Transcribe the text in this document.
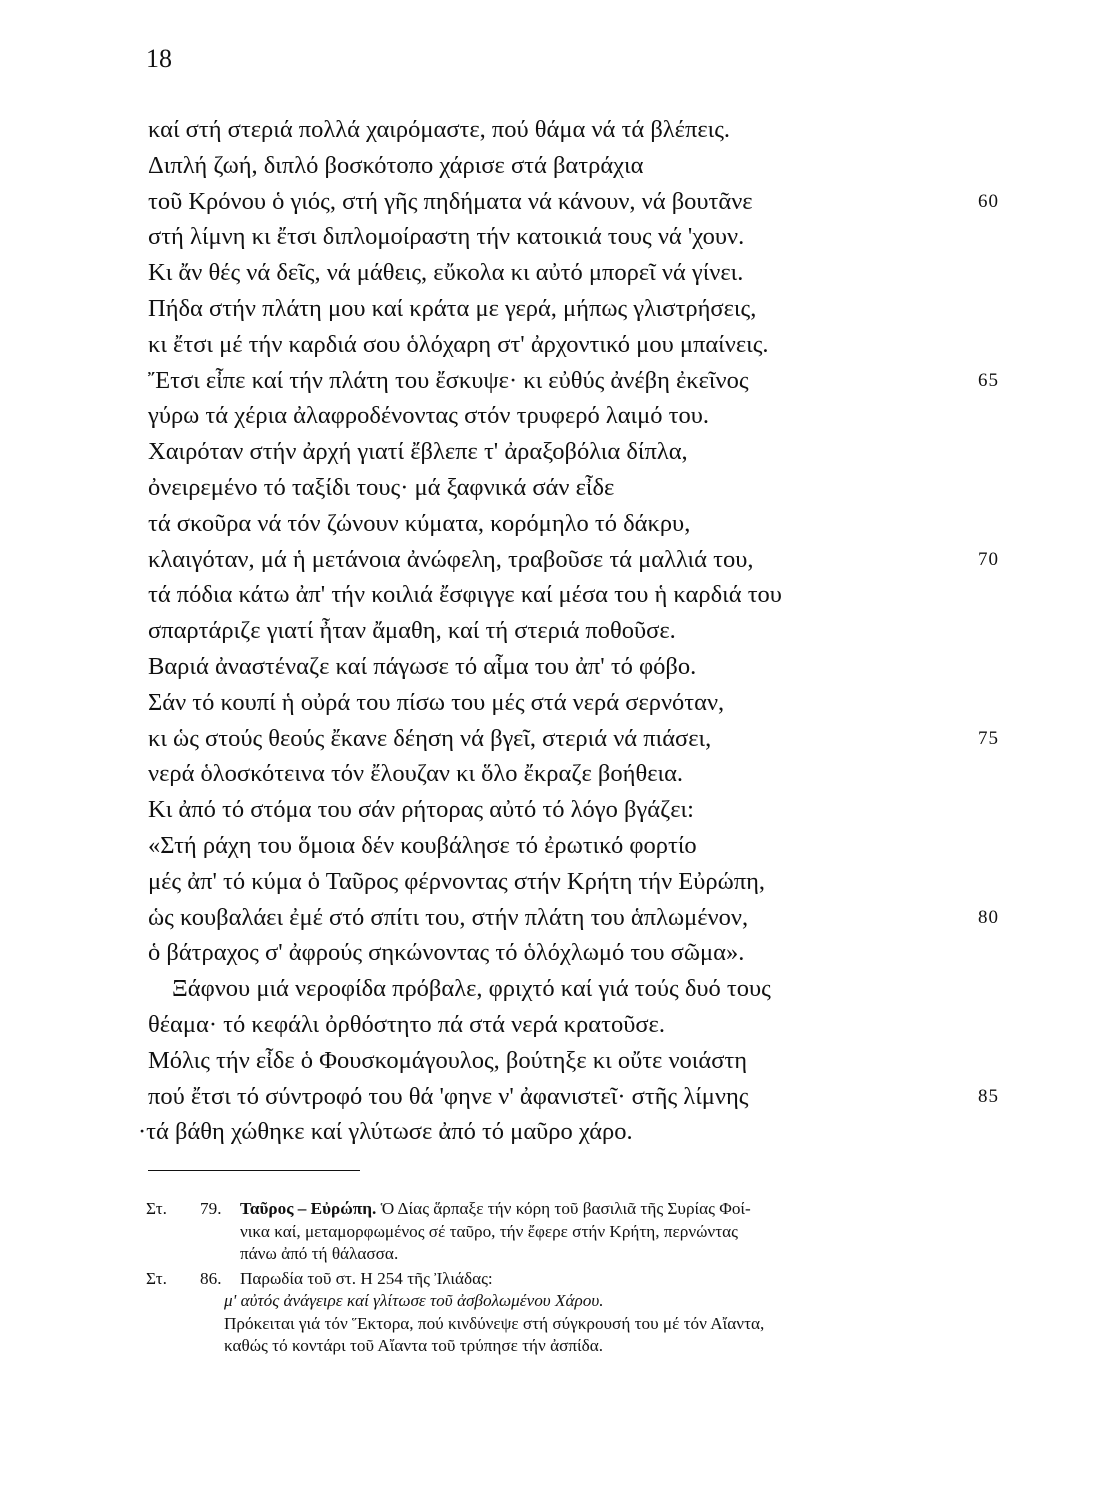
18
καί στή στεριά πολλά χαιρόμαστε, πού θάμα νά τά βλέπεις.
Διπλή ζωή, διπλό βοσκότοπο χάρισε στά βατράχια
τοῦ Κρόνου ὁ γιός, στή γῆς πηδήματα νά κάνουν, νά βουτᾶνε	60
στή λίμνη κι ἔτσι διπλομοίραστη τήν κατοικιά τους νά 'χουν.
Κι ἄν θές νά δεῖς, νά μάθεις, εὔκολα κι αὐτό μπορεῖ νά γίνει.
Πήδα στήν πλάτη μου καί κράτα με γερά, μήπως γλιστρήσεις,
κι ἔτσι μέ τήν καρδιά σου ὁλόχαρη στ' ἀρχοντικό μου μπαίνεις.
Ἔτσι εἶπε καί τήν πλάτη του ἔσκυψε· κι εὐθύς ἀνέβη ἐκεῖνος	65
γύρω τά χέρια ἀλαφροδένοντας στόν τρυφερό λαιμό του.
Χαιρόταν στήν ἀρχή γιατί ἔβλεπε τ' ἀραξοβόλια δίπλα,
ὀνειρεμένο τό ταξίδι τους· μά ξαφνικά σάν εἶδε
τά σκοῦρα νά τόν ζώνουν κύματα, κορόμηλο τό δάκρυ,
κλαιγόταν, μά ἡ μετάνοια ἀνώφελη, τραβοῦσε τά μαλλιά του,	70
τά πόδια κάτω ἀπ' τήν κοιλιά ἔσφιγγε καί μέσα του ἡ καρδιά του
σπαρτάριζε γιατί ἦταν ἄμαθη, καί τή στεριά ποθοῦσε.
Βαριά ἀναστέναζε καί πάγωσε τό αἷμα του ἀπ' τό φόβο.
Σάν τό κουπί ἡ οὐρά του πίσω του μές στά νερά σερνόταν,
κι ὡς στούς θεούς ἔκανε δέηση νά βγεῖ, στεριά νά πιάσει,	75
νερά ὁλοσκότεινα τόν ἔλουζαν κι ὅλο ἔκραζε βοήθεια.
Κι ἀπό τό στόμα του σάν ρήτορας αὐτό τό λόγο βγάζει:
«Στή ράχη του ὅμοια δέν κουβάλησε τό ἐρωτικό φορτίο
μές ἀπ' τό κύμα ὁ Ταῦρος φέρνοντας στήν Κρήτη τήν Εὐρώπη,
ὡς κουβαλάει ἐμέ στό σπίτι του, στήν πλάτη του ἁπλωμένον,	80
ὁ βάτραχος σ' ἀφρούς σηκώνοντας τό ὁλόχλωμό του σῶμα».
Ξάφνου μιά νεροφίδα πρόβαλε, φριχτό καί γιά τούς δυό τους
θέαμα· τό κεφάλι ὀρθόστητο πά στά νερά κρατοῦσε.
Μόλις τήν εἶδε ὁ Φουσκομάγουλος, βούτηξε κι οὔτε νοιάστη
πού ἔτσι τό σύντροφό του θά 'φηνε ν' ἀφανιστεῖ· στῆς λίμνης	85
·τά βάθη χώθηκε καί γλύτωσε ἀπό τό μαῦρο χάρο.
Στ. 79. Ταῦρος – Εὐρώπη. Ὁ Δίας ἅρπαξε τήν κόρη τοῦ βασιλιᾶ τῆς Συρίας Φοί-
νικα καί, μεταμορφωμένος σέ ταῦρο, τήν ἔφερε στήν Κρήτη, περνώντας
πάνω ἀπό τή θάλασσα.
Στ. 86. Παρωδία τοῦ στ. Η 254 τῆς Ἰλιάδας:
μ' αὐτός ἀνάγειρε καί γλίτωσε τοῦ ἀσβολωμένου Χάρου.
Πρόκειται γιά τόν Ἕκτορα, πού κινδύνεψε στή σύγκρουσή του μέ τόν Αἴαντα,
καθώς τό κοντάρι τοῦ Αἴαντα τοῦ τρύπησε τήν ἀσπίδα.
